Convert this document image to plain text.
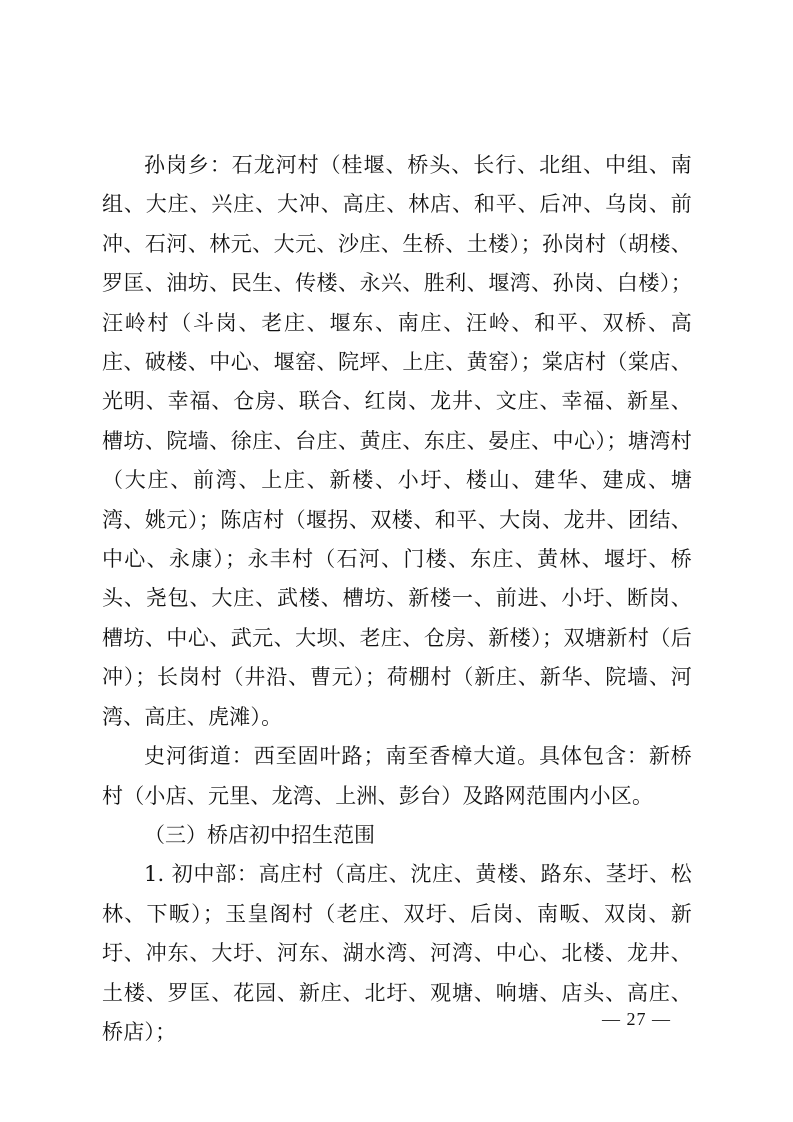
孙岗乡：石龙河村（桂堰、桥头、长行、北组、中组、南组、大庄、兴庄、大冲、高庄、林店、和平、后冲、乌岗、前冲、石河、林元、大元、沙庄、生桥、土楼）；孙岗村（胡楼、罗匡、油坊、民生、传楼、永兴、胜利、堰湾、孙岗、白楼）；汪岭村（斗岗、老庄、堰东、南庄、汪岭、和平、双桥、高庄、破楼、中心、堰窑、院坪、上庄、黄窑）；棠店村（棠店、光明、幸福、仓房、联合、红岗、龙井、文庄、幸福、新星、槽坊、院墙、徐庄、台庄、黄庄、东庄、晏庄、中心）；塘湾村（大庄、前湾、上庄、新楼、小圩、楼山、建华、建成、塘湾、姚元）；陈店村（堰拐、双楼、和平、大岗、龙井、团结、中心、永康）；永丰村（石河、门楼、东庄、黄林、堰圩、桥头、尧包、大庄、武楼、槽坊、新楼一、前进、小圩、断岗、槽坊、中心、武元、大坝、老庄、仓房、新楼）；双塘新村（后冲）；长岗村（井沿、曹元）；荷棚村（新庄、新华、院墙、河湾、高庄、虎滩）。

史河街道：西至固叶路；南至香樟大道。具体包含：新桥村（小店、元里、龙湾、上洲、彭台）及路网范围内小区。

（三）桥店初中招生范围

1. 初中部：高庄村（高庄、沈庄、黄楼、路东、茎圩、松林、下畈）；玉皇阁村（老庄、双圩、后岗、南畈、双岗、新圩、冲东、大圩、河东、湖水湾、河湾、中心、北楼、龙井、土楼、罗匡、花园、新庄、北圩、观塘、响塘、店头、高庄、桥店）；

— 27 —
